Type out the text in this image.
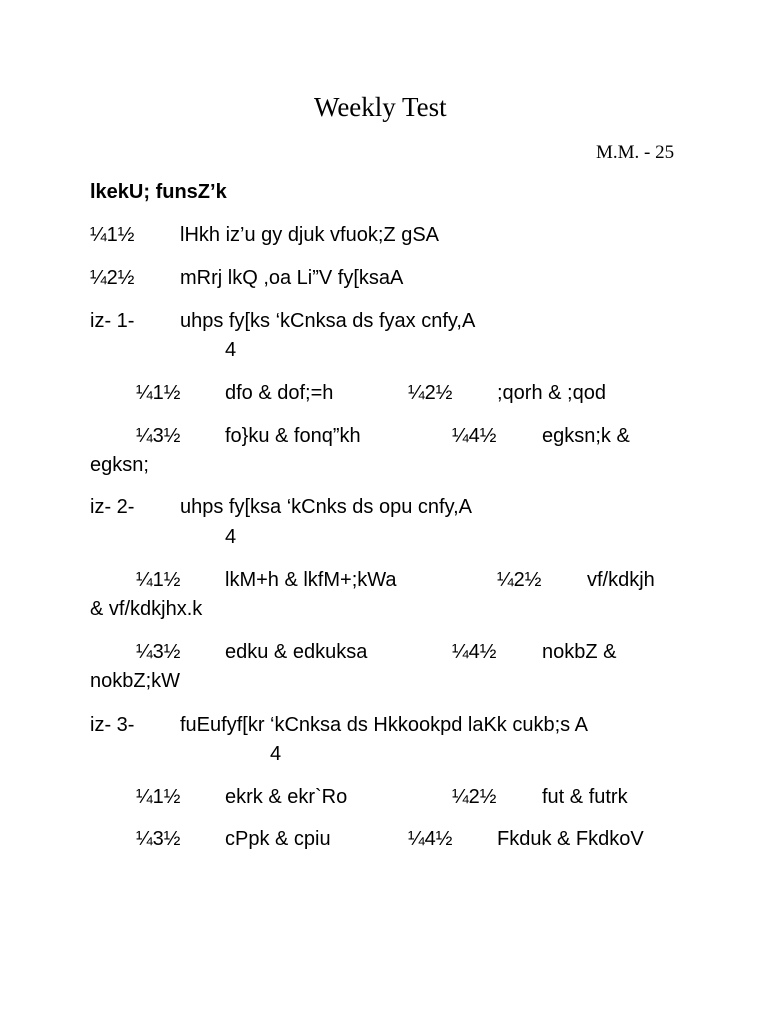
Weekly Test
M.M. - 25
lkekU; funsZ’k
¼1½ lHkh iz’u gy djuk vfuok;Z gSA
¼2½ mRrj lkQ ,oa Li”V fy[ksaA
iz- 1- uhps fy[ks ‘kCnksa ds fyax cnfy,A
4
¼1½ dfo & dof;=h	¼2½ ;qorh & ;qod
¼3½ fo}ku & fonq”kh	¼4½ egksn;k &
egksn;
iz- 2- uhps fy[ksa ‘kCnks ds opu cnfy,A
4
¼1½ lkM+h & lkfM+;kWa	¼2½ vf/kdkjh
& vf/kdkjhx.k
¼3½ edku & edkuksa	¼4½ nokbZ &
nokbZ;kW
iz- 3- fuEufyf[kr ‘kCnksa ds Hkkookpd laKk cukb;s A
4
¼1½ ekrk & ekr`Ro	¼2½ fut & futrk
¼3½ cPpk & cpiu	¼4½ Fkduk & FkdkoV
